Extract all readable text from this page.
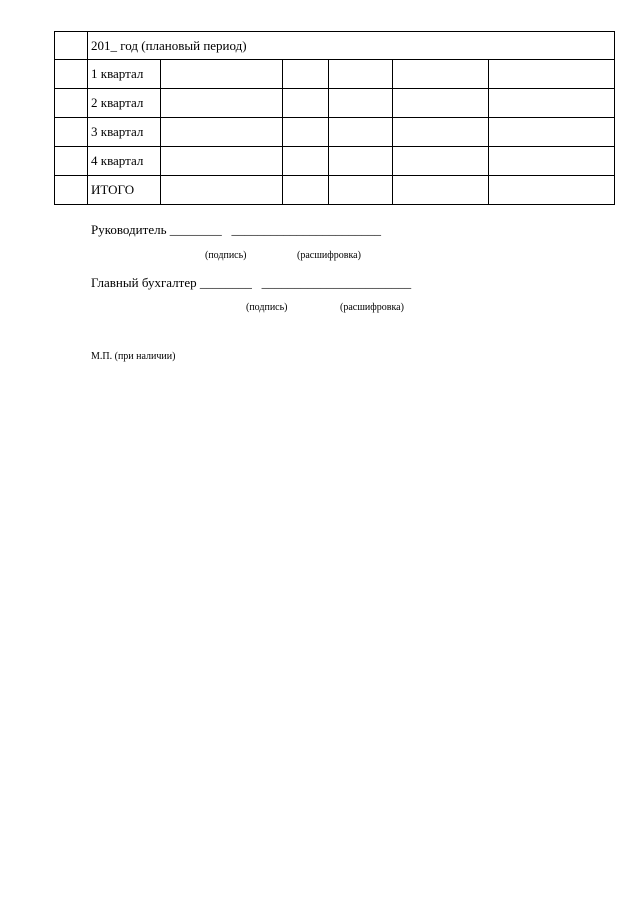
	201_ год (плановый период)					
	1 квартал					
	2 квартал					
	3 квартал					
	4 квартал					
	ИТОГО					
Руководитель ________   _______________________
(подпись)	(расшифровка)
Главный бухгалтер ________   _______________________
(подпись)	(расшифровка)
М.П. (при наличии)
